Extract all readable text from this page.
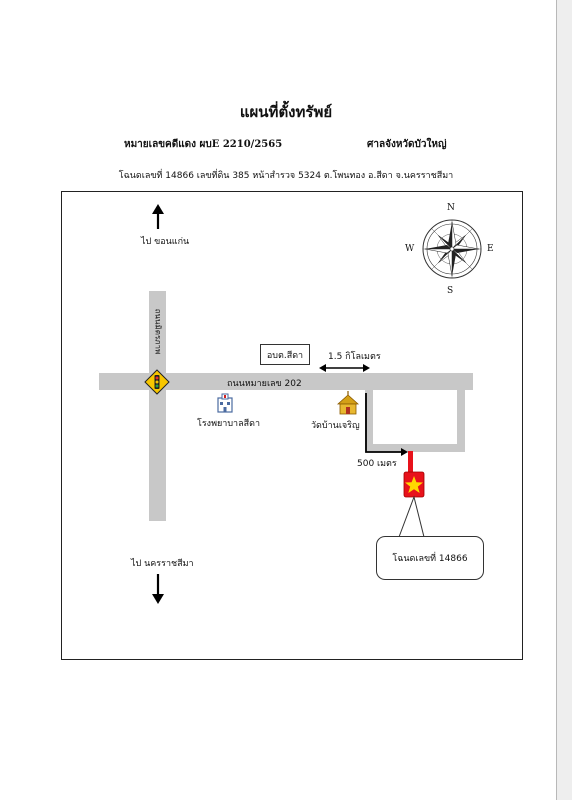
แผนที่ตั้งทรัพย์
หมายเลขคดีแดง ผบE 2210/2565	ศาลจังหวัดบัวใหญ่
โฉนดเลขที่ 14866 เลขที่ดิน 385 หน้าสำรวจ 5324 ต.โพนทอง อ.สีดา จ.นครราชสีมา
N
S
E
W
ไป ขอนแก่น
ไป นครราชสีมา
ถนนมิตรภาพ
ถนนหมายเลข 202
อบต.สีดา	1.5 กิโลเมตร
โรงพยาบาลสีดา	วัดบ้านเจริญ
500 เมตร
โฉนดเลขที่ 14866
